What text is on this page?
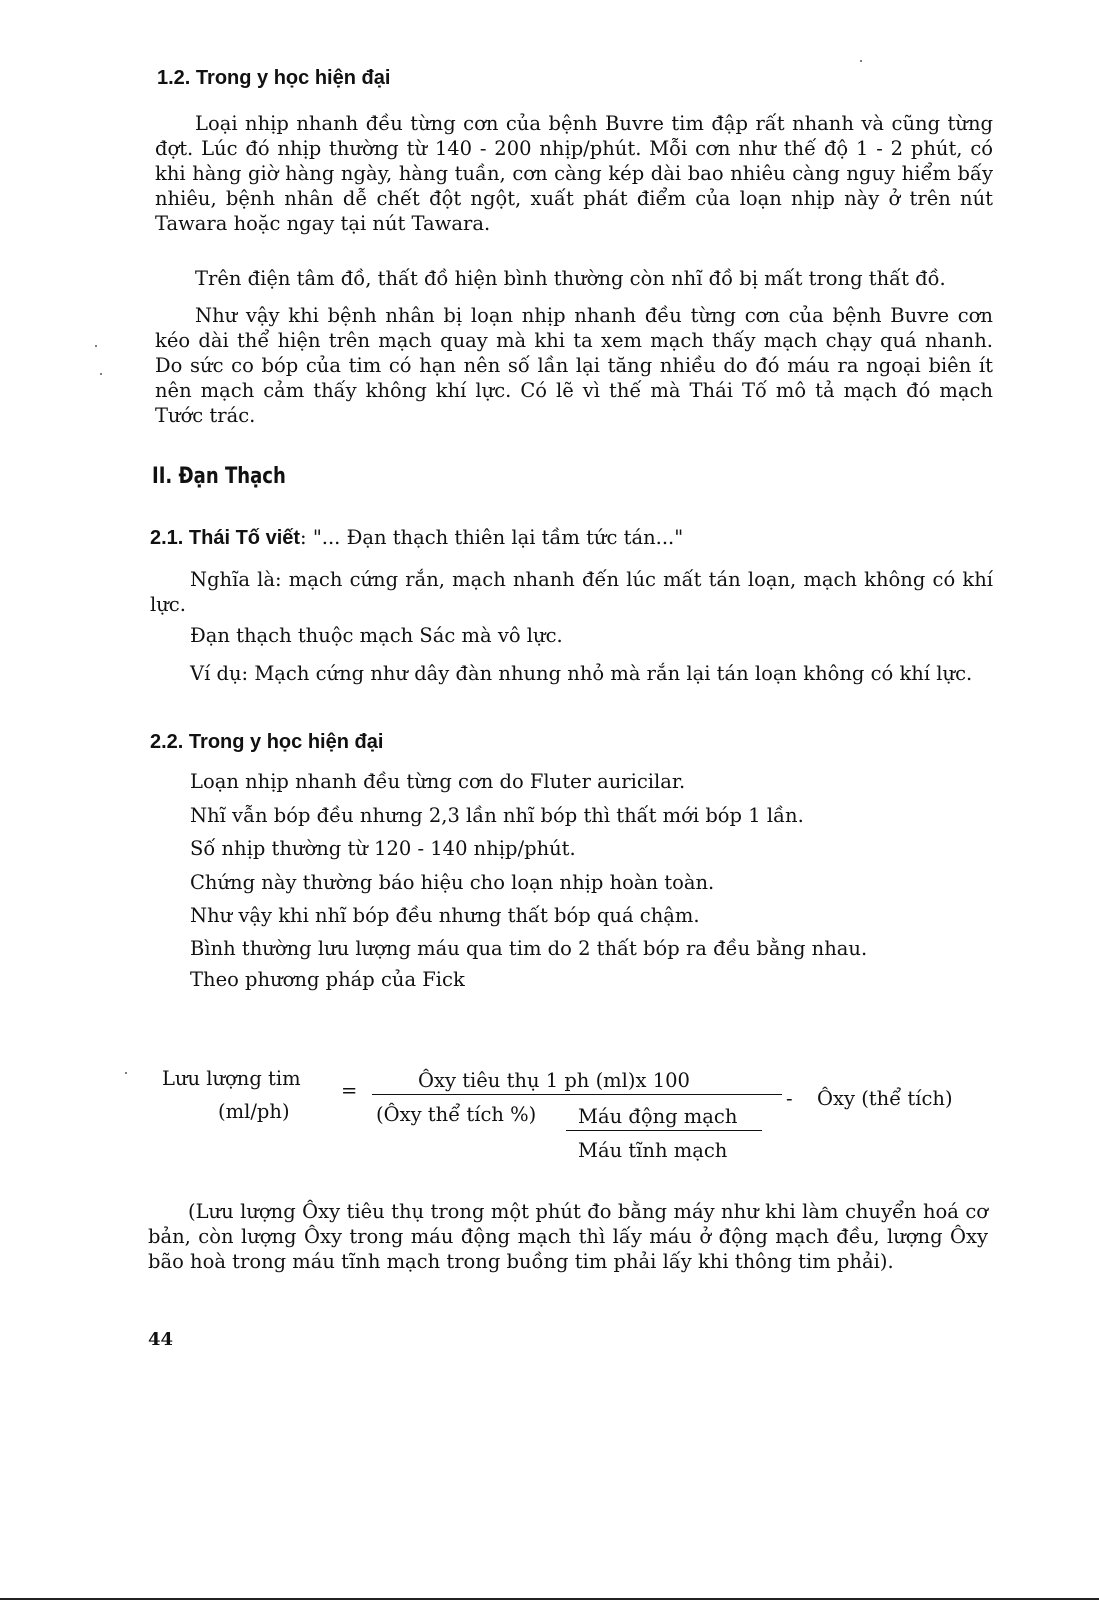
1.2. Trong y học hiện đại

Loại nhịp nhanh đều từng cơn của bệnh Buvre tim đập rất nhanh và cũng từng đợt. Lúc đó nhịp thường từ 140 - 200 nhịp/phút. Mỗi cơn như thế độ 1 - 2 phút, có khi hàng giờ hàng ngày, hàng tuần, cơn càng kép dài bao nhiêu càng nguy hiểm bấy nhiêu, bệnh nhân dễ chết đột ngột, xuất phát điểm của loạn nhịp này ở trên nút Tawara hoặc ngay tại nút Tawara.

Trên điện tâm đồ, thất đồ hiện bình thường còn nhĩ đồ bị mất trong thất đồ.

Như vậy khi bệnh nhân bị loạn nhịp nhanh đều từng cơn của bệnh Buvre cơn kéo dài thể hiện trên mạch quay mà khi ta xem mạch thấy mạch chạy quá nhanh. Do sức co bóp của tim có hạn nên số lần lại tăng nhiều do đó máu ra ngoại biên ít nên mạch cảm thấy không khí lực. Có lẽ vì thế mà Thái Tố mô tả mạch đó mạch Tước trác.

II. Đạn Thạch
2.1. Thái Tố viết: "... Đạn thạch thiên lại tầm tức tán..."

Nghĩa là: mạch cứng rắn, mạch nhanh đến lúc mất tán loạn, mạch không có khí lực.

Đạn thạch thuộc mạch Sác mà vô lực.

Ví dụ: Mạch cứng như dây đàn nhung nhỏ mà rắn lại tán loạn không có khí lực.

2.2. Trong y học hiện đại

Loạn nhịp nhanh đều từng cơn do Fluter auricilar.

Nhĩ vẫn bóp đều nhưng 2,3 lần nhĩ bóp thì thất mới bóp 1 lần.

Số nhịp thường từ 120 - 140 nhịp/phút.

Chứng này thường báo hiệu cho loạn nhịp hoàn toàn.

Như vậy khi nhĩ bóp đều nhưng thất bóp quá chậm.

Bình thường lưu lượng máu qua tim do 2 thất bóp ra đều bằng nhau.

Theo phương pháp của Fick

Lưu lượng tim
(ml/ph)
=	Ôxy tiêu thụ 1 ph (ml)x 100
(Ôxy thể tích %) Máu động mạch
Máu tĩnh mạch
- Ôxy (thể tích)

(Lưu lượng Ôxy tiêu thụ trong một phút đo bằng máy như khi làm chuyển hoá cơ bản, còn lượng Ôxy trong máu động mạch thì lấy máu ở động mạch đều, lượng Ôxy bão hoà trong máu tĩnh mạch trong buồng tim phải lấy khi thông tim phải).

44
